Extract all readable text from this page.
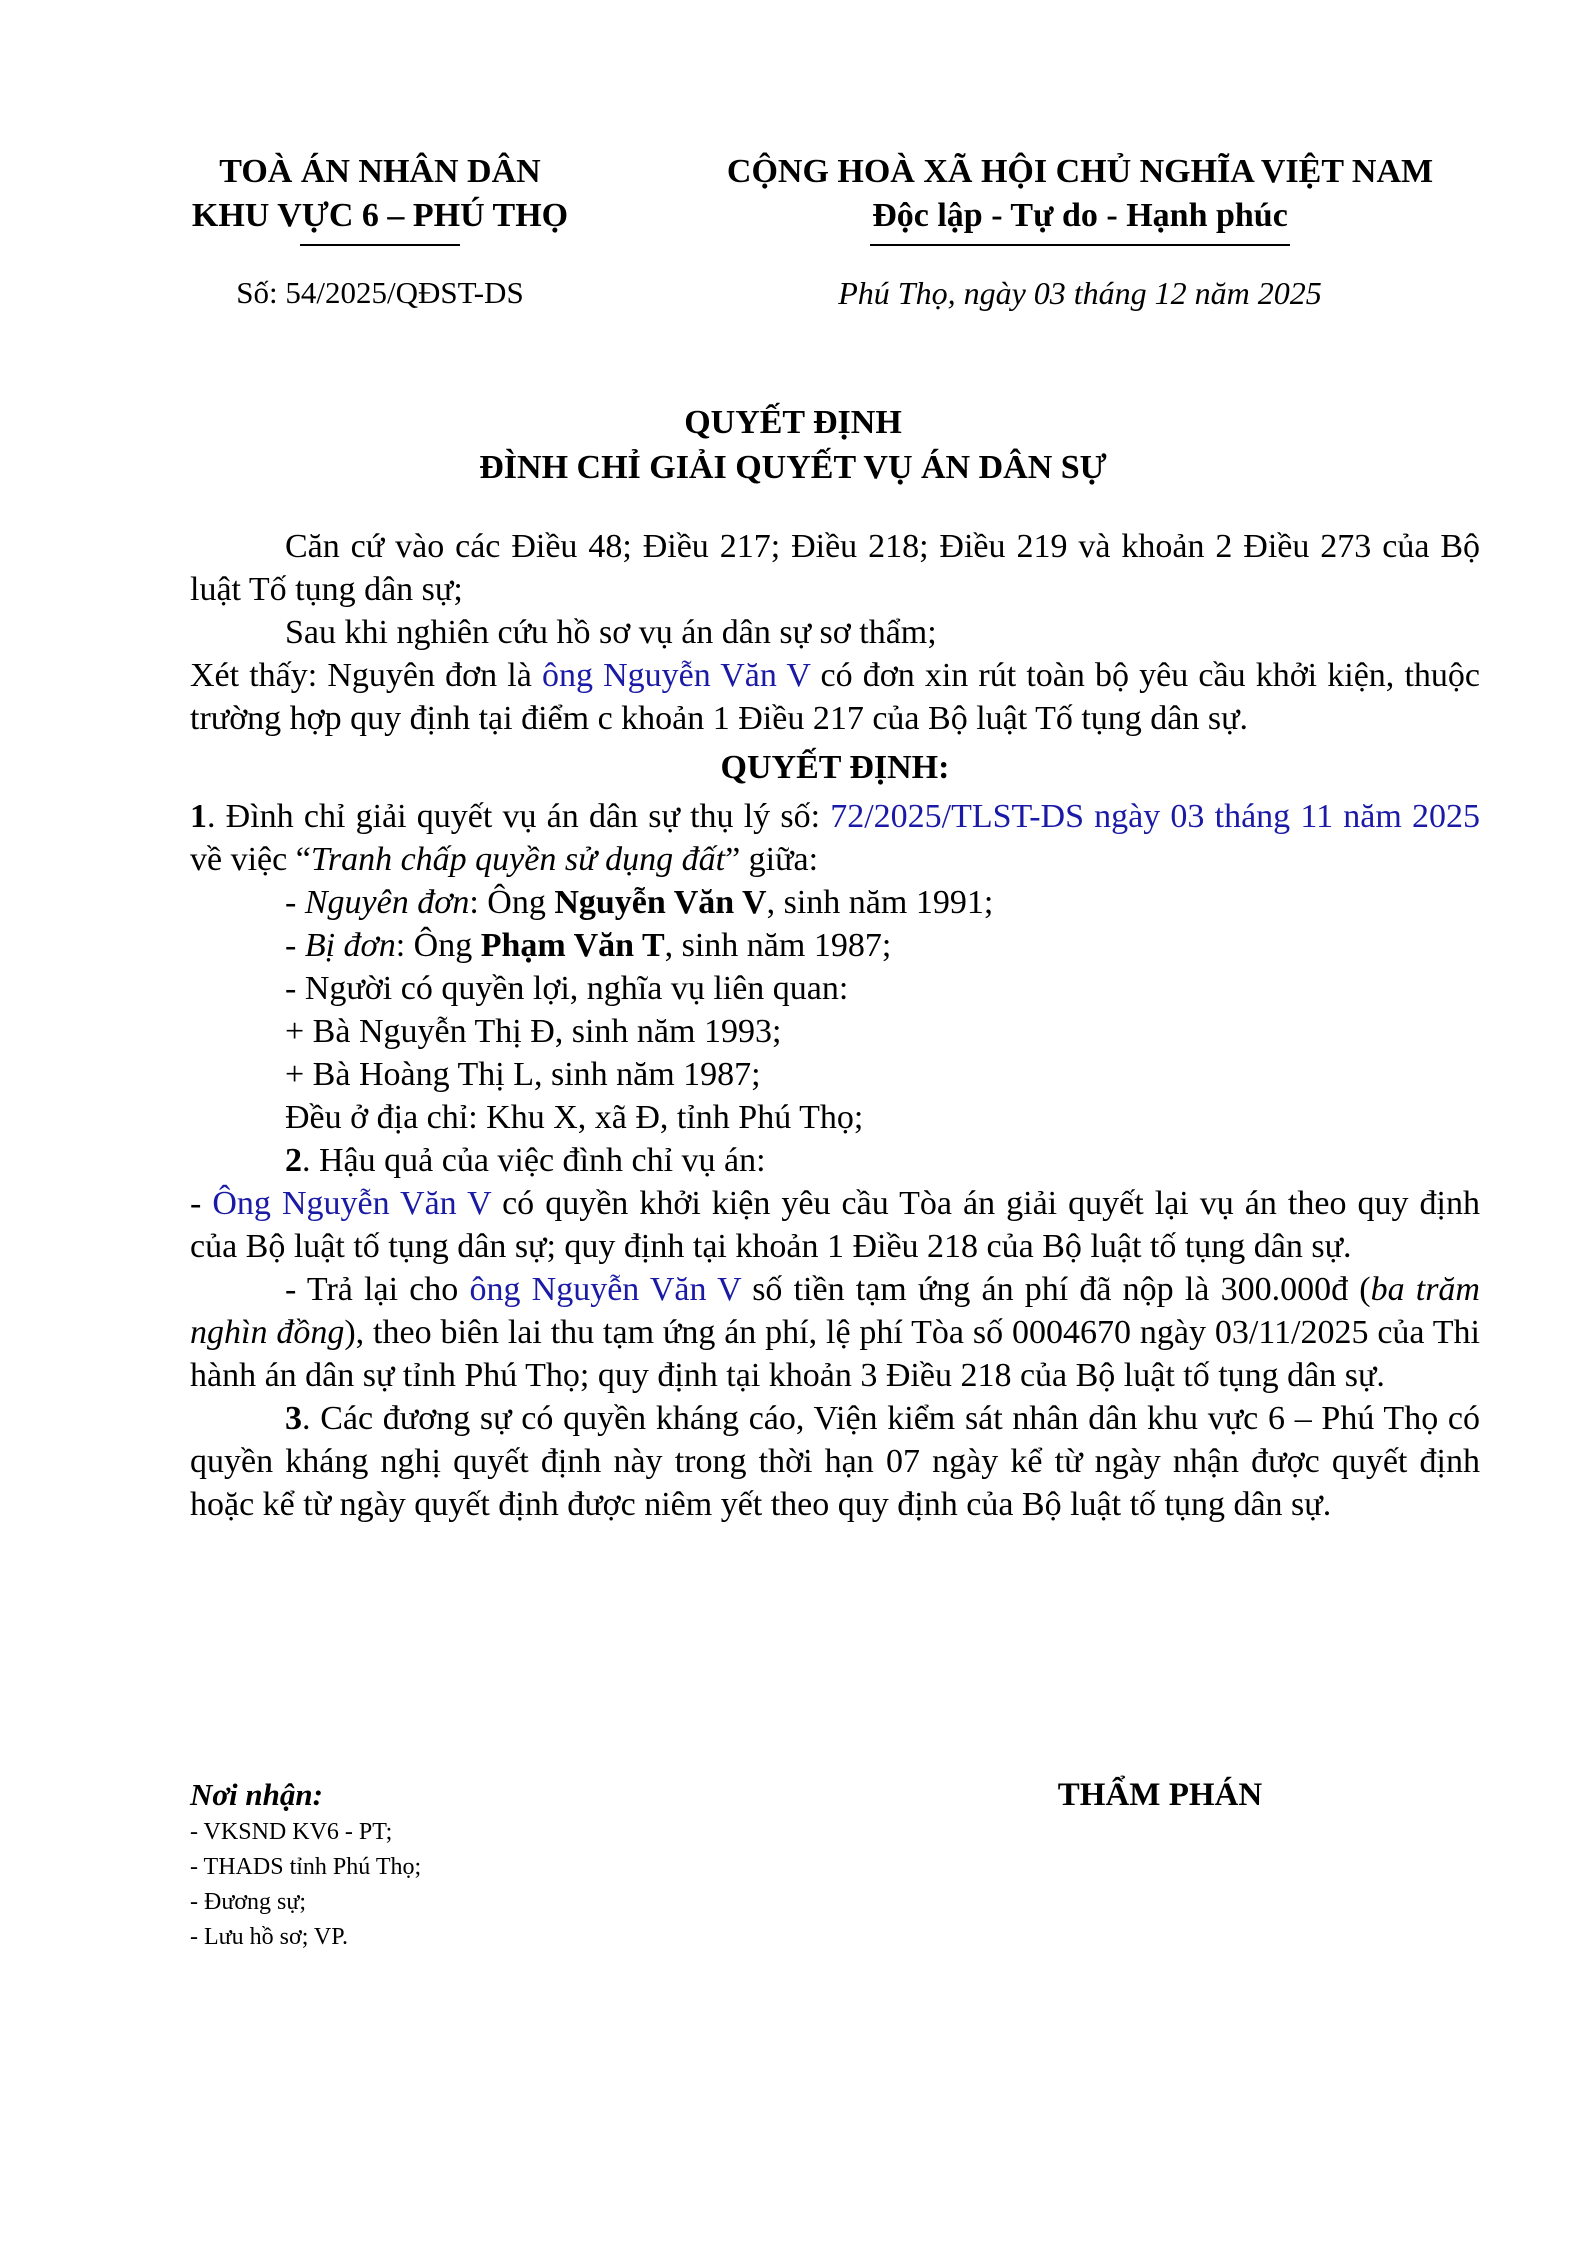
TOÀ ÁN NHÂN DÂN
KHU VỰC 6 – PHÚ THỌ
Số: 54/2025/QĐST-DS
CỘNG HOÀ XÃ HỘI CHỦ NGHĨA VIỆT NAM
Độc lập - Tự do - Hạnh phúc
Phú Thọ, ngày 03 tháng 12 năm 2025
QUYẾT ĐỊNH
ĐÌNH CHỈ GIẢI QUYẾT VỤ ÁN DÂN SỰ

Căn cứ vào các Điều 48; Điều 217; Điều 218; Điều 219 và khoản 2 Điều 273 của Bộ luật Tố tụng dân sự;

Sau khi nghiên cứu hồ sơ vụ án dân sự sơ thẩm;

Xét thấy: Nguyên đơn là ông Nguyễn Văn V có đơn xin rút toàn bộ yêu cầu khởi kiện, thuộc trường hợp quy định tại điểm c khoản 1 Điều 217 của Bộ luật Tố tụng dân sự.

QUYẾT ĐỊNH:

1. Đình chỉ giải quyết vụ án dân sự thụ lý số: 72/2025/TLST-DS ngày 03 tháng 11 năm 2025 về việc “Tranh chấp quyền sử dụng đất” giữa:

- Nguyên đơn: Ông Nguyễn Văn V, sinh năm 1991;

- Bị đơn: Ông Phạm Văn T, sinh năm 1987;

- Người có quyền lợi, nghĩa vụ liên quan:

+ Bà Nguyễn Thị Đ, sinh năm 1993;

+ Bà Hoàng Thị L, sinh năm 1987;

Đều ở địa chỉ: Khu X, xã Đ, tỉnh Phú Thọ;

2. Hậu quả của việc đình chỉ vụ án:

- Ông Nguyễn Văn V có quyền khởi kiện yêu cầu Tòa án giải quyết lại vụ án theo quy định của Bộ luật tố tụng dân sự; quy định tại khoản 1 Điều 218 của Bộ luật tố tụng dân sự.

- Trả lại cho ông Nguyễn Văn V số tiền tạm ứng án phí đã nộp là 300.000đ (ba trăm nghìn đồng), theo biên lai thu tạm ứng án phí, lệ phí Tòa số 0004670 ngày 03/11/2025 của Thi hành án dân sự tỉnh Phú Thọ; quy định tại khoản 3 Điều 218 của Bộ luật tố tụng dân sự.

3. Các đương sự có quyền kháng cáo, Viện kiểm sát nhân dân khu vực 6 – Phú Thọ có quyền kháng nghị quyết định này trong thời hạn 07 ngày kể từ ngày nhận được quyết định hoặc kể từ ngày quyết định được niêm yết theo quy định của Bộ luật tố tụng dân sự.

Nơi nhận:
- VKSND KV6 - PT;
- THADS tỉnh Phú Thọ;
- Đương sự;
- Lưu hồ sơ; VP.
THẨM PHÁN
